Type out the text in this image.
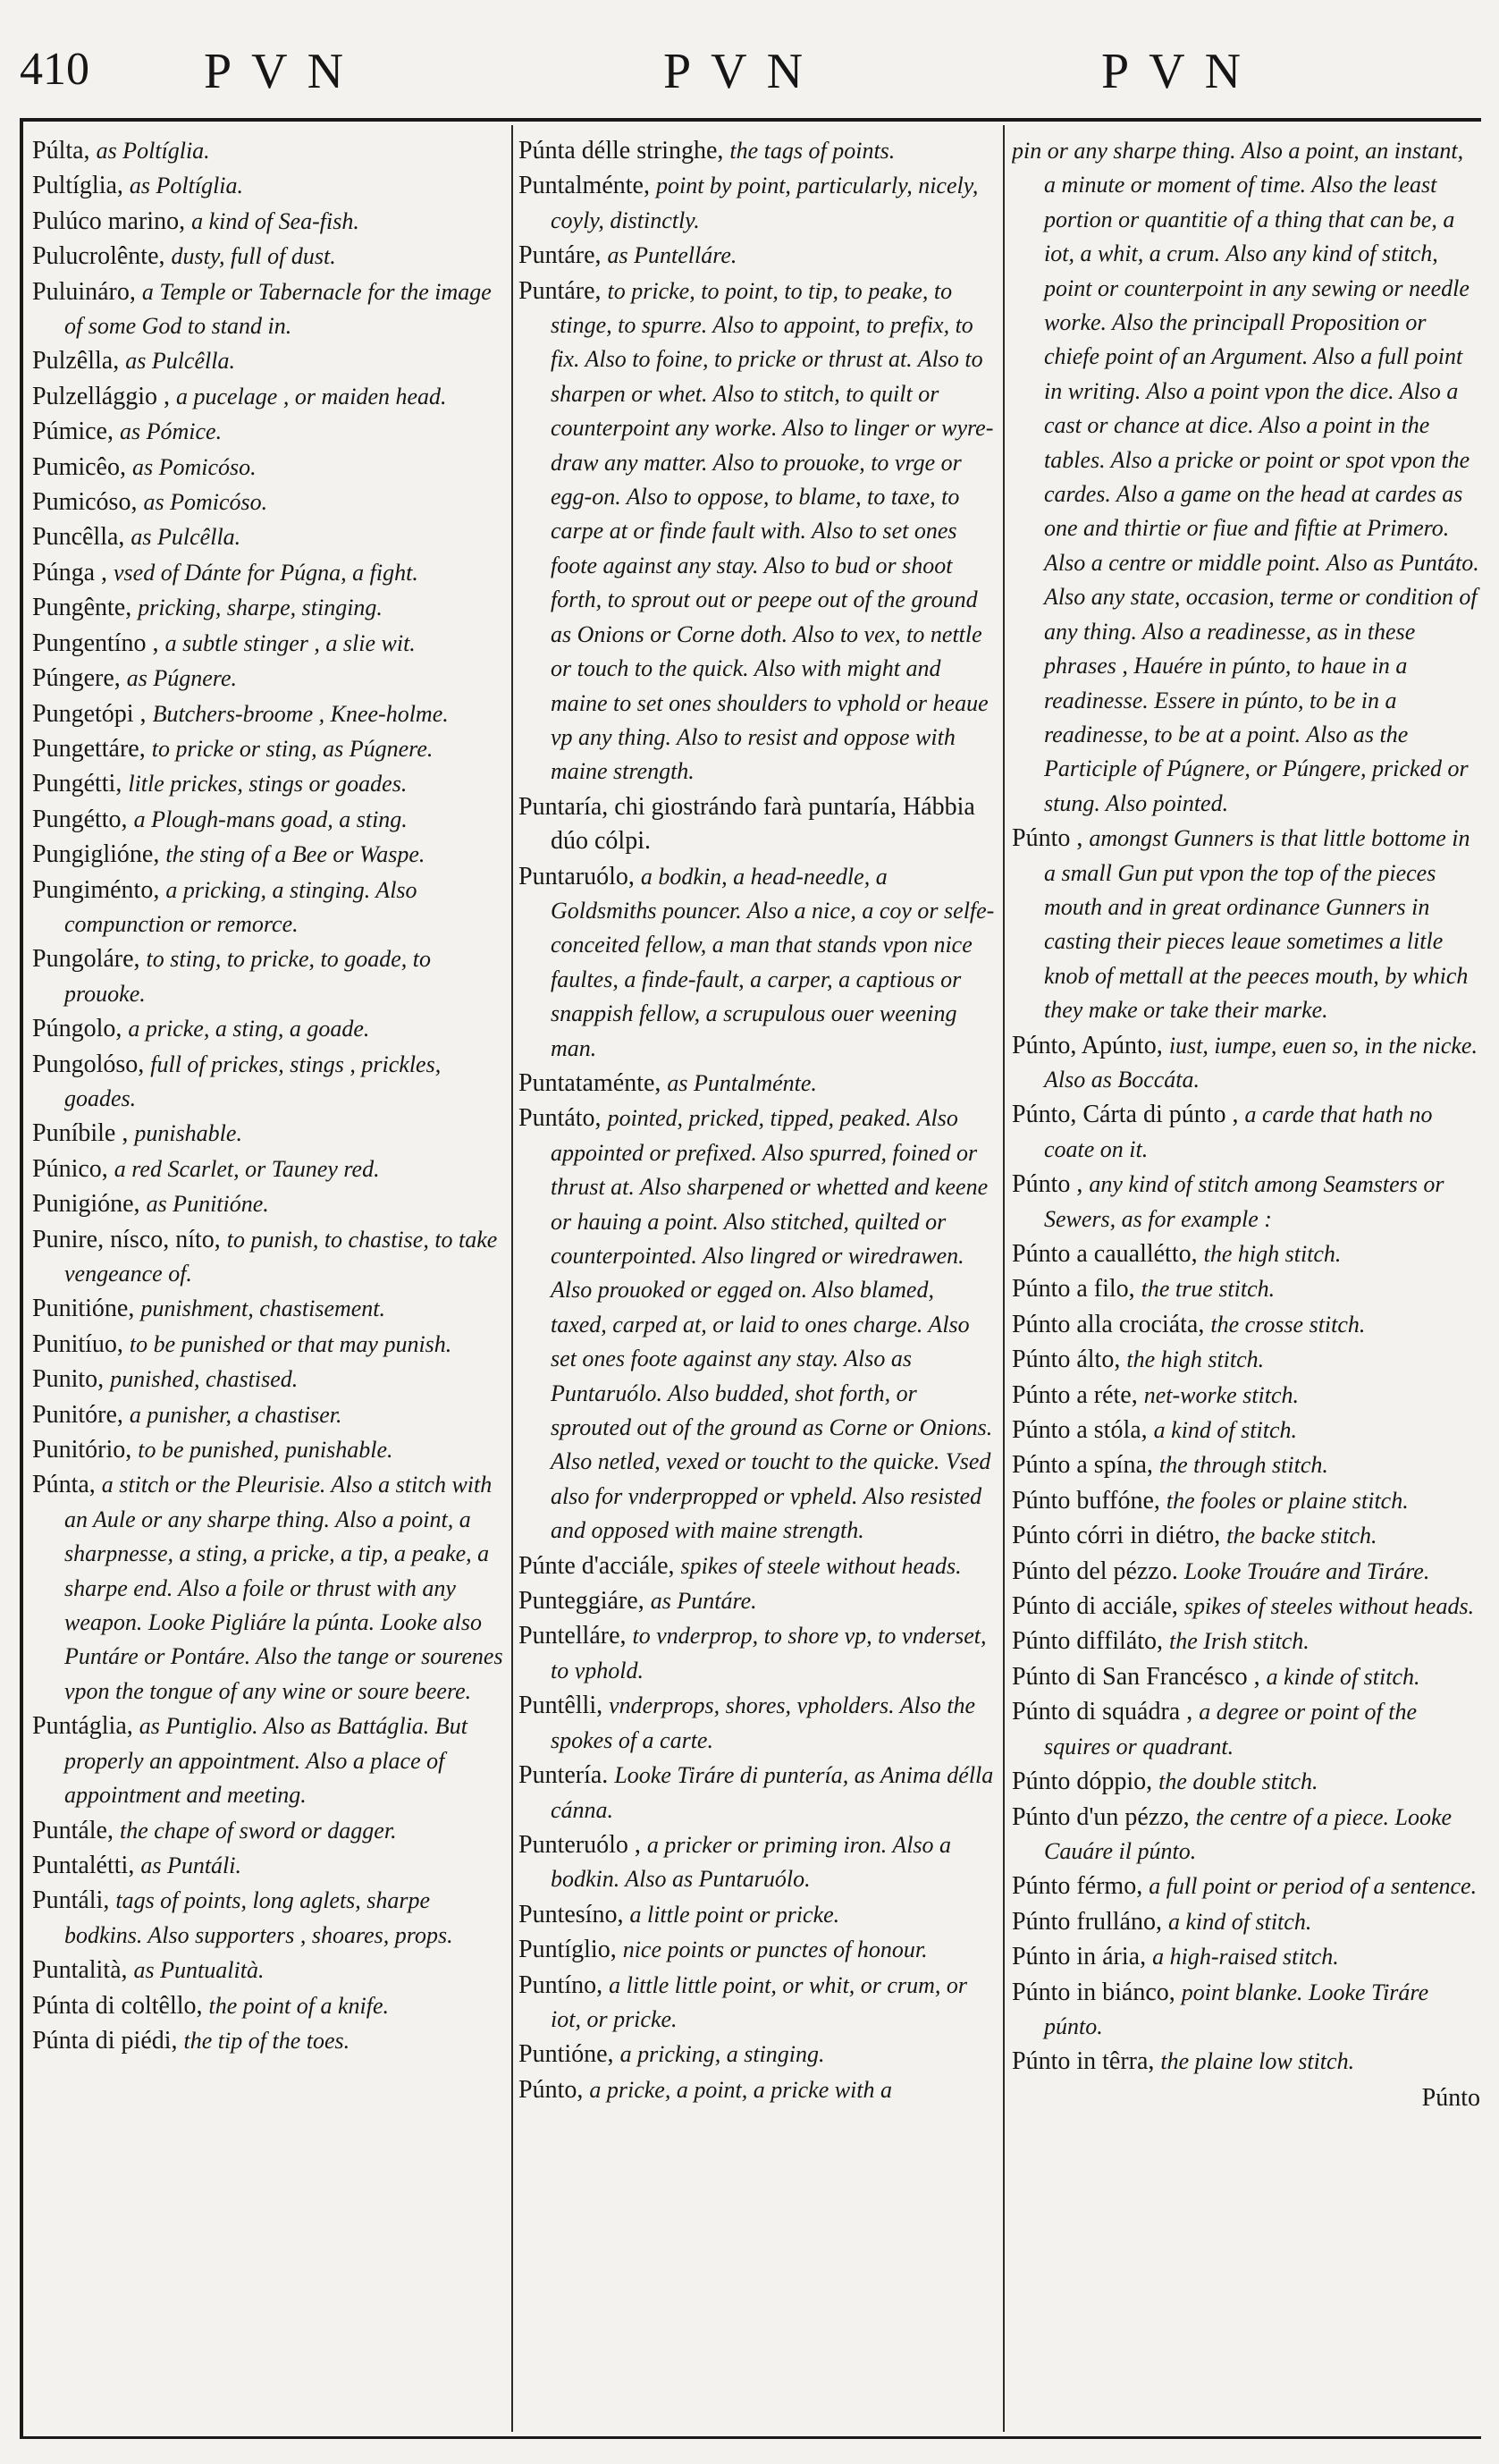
410 PVN	PVN	PVN
Púlta, as Poltíglia.
Pultíglia, as Poltíglia.
Pulúco marino, a kind of Sea-fish.
Pulucrolênte, dusty, full of dust.
Puluináro, a Temple or Tabernacle for the image of some God to stand in.
Pulzêlla, as Pulcêlla.
Pulzellággio , a pucelage , or maiden head.
Púmice, as Pómice.
Pumicêo, as Pomicóso.
Pumicóso, as Pomicóso.
Puncêlla, as Pulcêlla.
Púnga , vsed of Dánte for Púgna, a fight.
Pungênte, pricking, sharpe, stinging.
Pungentíno , a subtle stinger , a slie wit.
Púngere, as Púgnere.
Pungetópi , Butchers-broome , Knee-holme.
Pungettáre, to pricke or sting, as Púgnere.
Pungétti, litle prickes, stings or goades.
Pungétto, a Plough-mans goad, a sting.
Pungiglióne, the sting of a Bee or Waspe.
Pungiménto, a pricking, a stinging. Also compunction or remorce.
Pungoláre, to sting, to pricke, to goade, to prouoke.
Púngolo, a pricke, a sting, a goade.
Pungolóso, full of prickes, stings , prickles, goades.
Puníbile , punishable.
Púnico, a red Scarlet, or Tauney red.
Punigióne, as Punitióne.
Punire, nísco, níto, to punish, to chastise, to take vengeance of.
Punitióne, punishment, chastisement.
Punitíuo, to be punished or that may punish.
Punito, punished, chastised.
Punitóre, a punisher, a chastiser.
Punitório, to be punished, punishable.
Púnta, a stitch or the Pleurisie. Also a stitch with an Aule or any sharpe thing. Also a point, a sharpnesse, a sting, a pricke, a tip, a peake, a sharpe end. Also a foile or thrust with any weapon. Looke Pigliáre la púnta. Looke also Puntáre or Pontáre. Also the tange or sourenes vpon the tongue of any wine or soure beere.
Puntáglia, as Puntiglio. Also as Battáglia. But properly an appointment. Also a place of appointment and meeting.
Puntále, the chape of sword or dagger.
Puntalétti, as Puntáli.
Puntáli, tags of points, long aglets, sharpe bodkins. Also supporters , shoares, props.
Puntalità, as Puntualità.
Púnta di coltêllo, the point of a knife.
Púnta di piédi, the tip of the toes.
Púnta délle stringhe, the tags of points.
Puntalménte, point by point, particularly, nicely, coyly, distinctly.
Puntáre, as Puntelláre.
Puntáre, to pricke, to point, to tip, to peake, to stinge, to spurre. Also to appoint, to prefix, to fix. Also to foine, to pricke or thrust at. Also to sharpen or whet. Also to stitch, to quilt or counterpoint any worke. Also to linger or wyre-draw any matter. Also to prouoke, to vrge or egg-on. Also to oppose, to blame, to taxe, to carpe at or finde fault with. Also to set ones foote against any stay. Also to bud or shoot forth, to sprout out or peepe out of the ground as Onions or Corne doth. Also to vex, to nettle or touch to the quick. Also with might and maine to set ones shoulders to vphold or heaue vp any thing. Also to resist and oppose with maine strength.
Puntaría, chi giostrándo farà puntaría, Hábbia dúo cólpi.
Puntaruólo, a bodkin, a head-needle, a Goldsmiths pouncer. Also a nice, a coy or selfe-conceited fellow, a man that stands vpon nice faultes, a finde-fault, a carper, a captious or snappish fellow, a scrupulous ouer weening man.
Puntataménte, as Puntalménte.
Puntáto, pointed, pricked, tipped, peaked. Also appointed or prefixed. Also spurred, foined or thrust at. Also sharpened or whetted and keene or hauing a point. Also stitched, quilted or counterpointed. Also lingred or wiredrawen. Also prouoked or egged on. Also blamed, taxed, carped at, or laid to ones charge. Also set ones foote against any stay. Also as Puntaruólo. Also budded, shot forth, or sprouted out of the ground as Corne or Onions. Also netled, vexed or toucht to the quicke. Vsed also for vnderpropped or vpheld. Also resisted and opposed with maine strength.
Púnte d'acciále, spikes of steele without heads.
Punteggiáre, as Puntáre.
Puntelláre, to vnderprop, to shore vp, to vnderset, to vphold.
Puntêlli, vnderprops, shores, vpholders. Also the spokes of a carte.
Puntería. Looke Tiráre di puntería, as Anima délla cánna.
Punteruólo , a pricker or priming iron. Also a bodkin. Also as Puntaruólo.
Puntesíno, a little point or pricke.
Puntíglio, nice points or punctes of honour.
Puntíno, a little little point, or whit, or crum, or iot, or pricke.
Puntióne, a pricking, a stinging.
Púnto, a pricke, a point, a pricke with a
pin or any sharpe thing. Also a point, an instant, a minute or moment of time. Also the least portion or quantitie of a thing that can be, a iot, a whit, a crum. Also any kind of stitch, point or counterpoint in any sewing or needle worke. Also the principall Proposition or chiefe point of an Argument. Also a full point in writing. Also a point vpon the dice. Also a cast or chance at dice. Also a point in the tables. Also a pricke or point or spot vpon the cardes. Also a game on the head at cardes as one and thirtie or fiue and fiftie at Primero. Also a centre or middle point. Also as Puntáto. Also any state, occasion, terme or condition of any thing. Also a readinesse, as in these phrases , Hauére in púnto, to haue in a readinesse. Essere in púnto, to be in a readinesse, to be at a point. Also as the Participle of Púgnere, or Púngere, pricked or stung. Also pointed.
Púnto , amongst Gunners is that little bottome in a small Gun put vpon the top of the pieces mouth and in great ordinance Gunners in casting their pieces leaue sometimes a litle knob of mettall at the peeces mouth, by which they make or take their marke.
Púnto, Apúnto, iust, iumpe, euen so, in the nicke. Also as Boccáta.
Púnto, Cárta di púnto , a carde that hath no coate on it.
Púnto , any kind of stitch among Seamsters or Sewers, as for example :
Púnto a cauallétto, the high stitch.
Púnto a filo, the true stitch.
Púnto alla crociáta, the crosse stitch.
Púnto álto, the high stitch.
Púnto a réte, net-worke stitch.
Púnto a stóla, a kind of stitch.
Púnto a spína, the through stitch.
Púnto buffóne, the fooles or plaine stitch.
Púnto córri in diétro, the backe stitch.
Púnto del pézzo. Looke Trouáre and Tiráre.
Púnto di acciále, spikes of steeles without heads.
Púnto diffiláto, the Irish stitch.
Púnto di San Francésco , a kinde of stitch.
Púnto di squádra , a degree or point of the squires or quadrant.
Púnto dóppio, the double stitch.
Púnto d'un pézzo, the centre of a piece. Looke Cauáre il púnto.
Púnto férmo, a full point or period of a sentence.
Púnto frulláno, a kind of stitch.
Púnto in ária, a high-raised stitch.
Púnto in biánco, point blanke. Looke Tiráre púnto.
Púnto in têrra, the plaine low stitch.
Púnto
